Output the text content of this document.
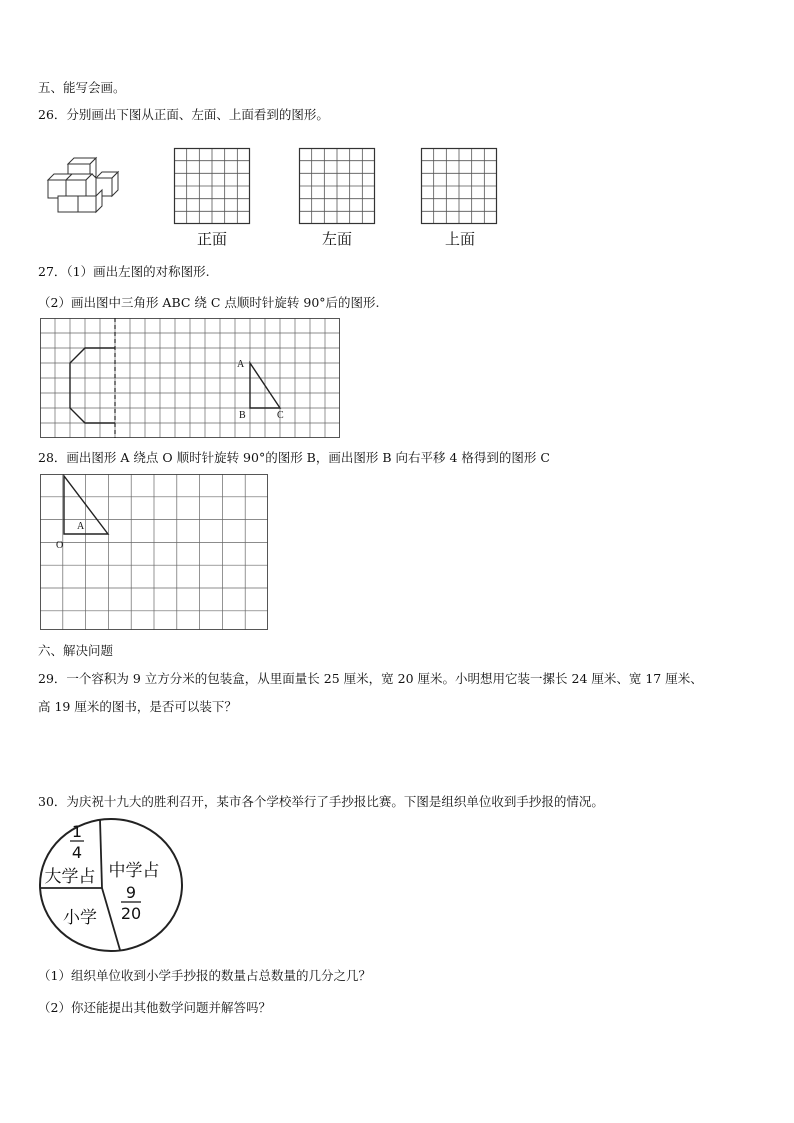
五、能写会画。
26．分别画出下图从正面、左面、上面看到的图形。
正面	左面	上面
27．（1）画出左图的对称图形.
（2）画出图中三角形 ABC 绕 C 点顺时针旋转 90°后的图形.
A
B	C
28．画出图形 A 绕点 O 顺时针旋转 90°的图形 B，画出图形 B 向右平移 4 格得到的图形 C
A
O
六、解决问题
29．一个容积为 9 立方分米的包装盒，从里面量长 25 厘米，宽 20 厘米。小明想用它装一摞长 24 厘米、宽 17 厘米、
高 19 厘米的图书，是否可以装下？
30．为庆祝十九大的胜利召开，某市各个学校举行了手抄报比赛。下图是组织单位收到手抄报的情况。
1
4
大学占 中学占
9
20
小学
（1）组织单位收到小学手抄报的数量占总数量的几分之几？
（2）你还能提出其他数学问题并解答吗？
